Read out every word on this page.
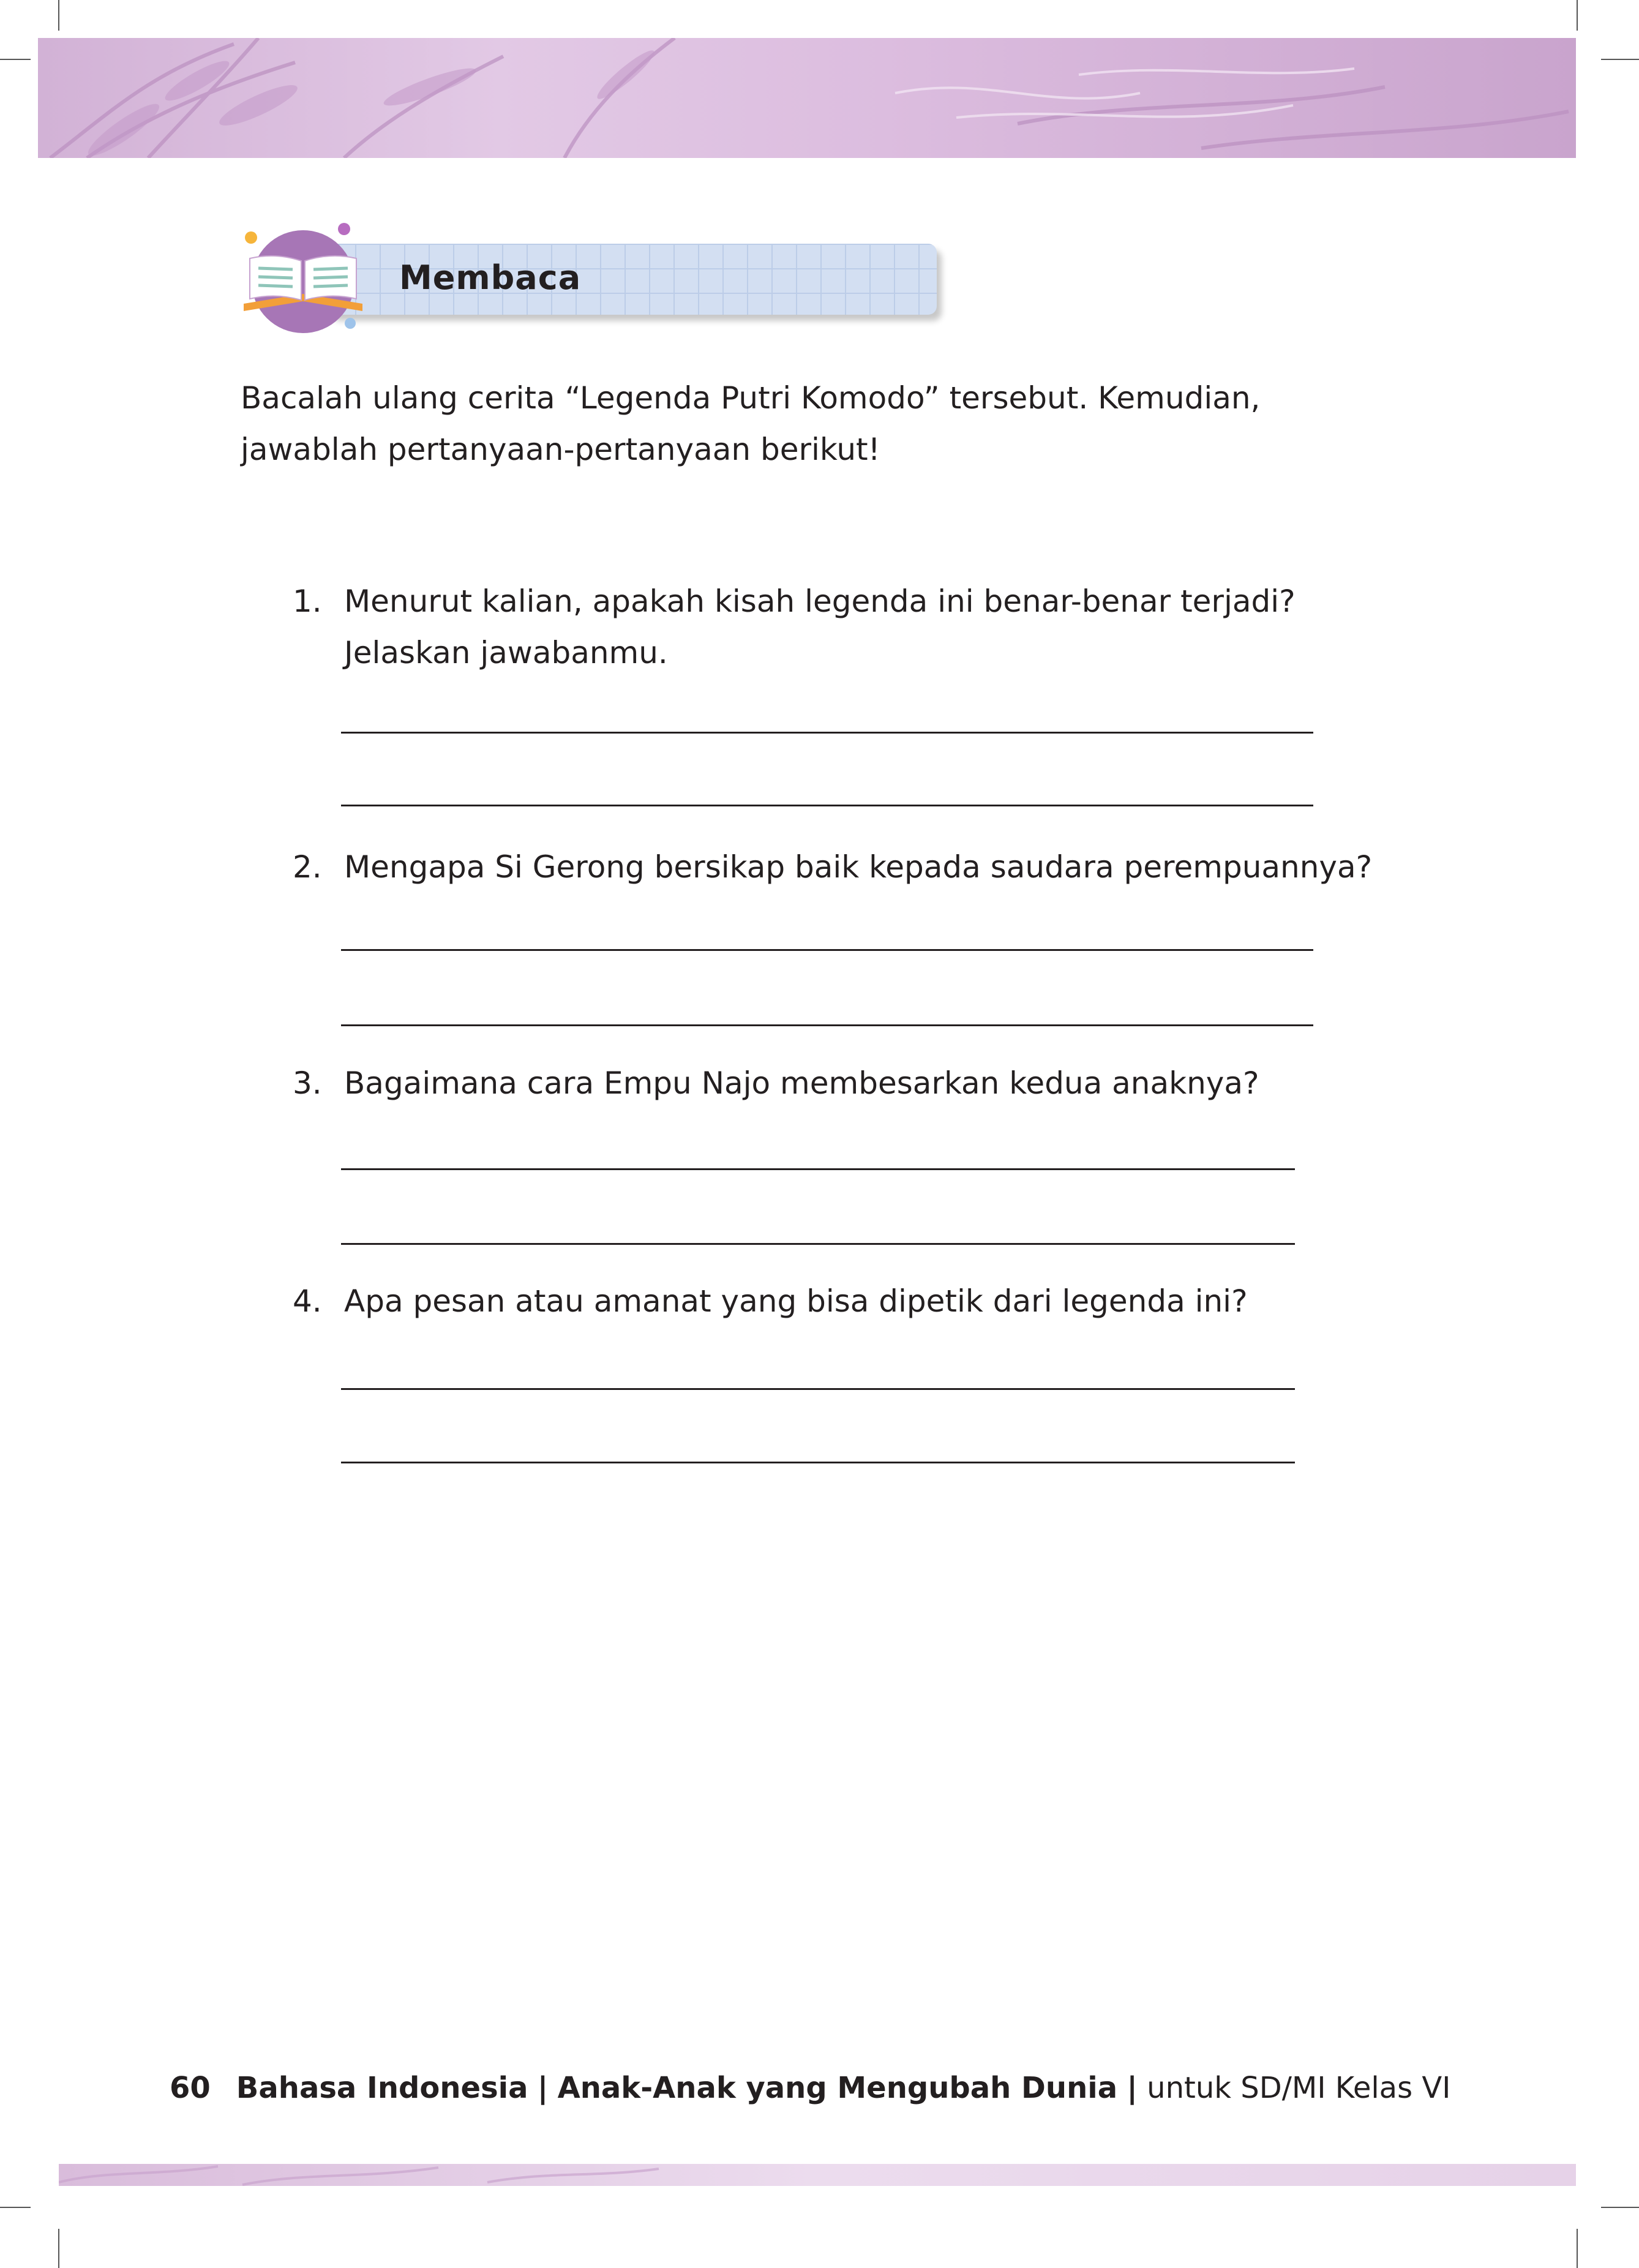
Membaca
Bacalah ulang cerita “Legenda Putri Komodo” tersebut. Kemudian, jawablah pertanyaan-pertanyaan berikut!
1. Menurut kalian, apakah kisah legenda ini benar-benar terjadi? Jelaskan jawabanmu.
2. Mengapa Si Gerong bersikap baik kepada saudara perempuannya?
3. Bagaimana cara Empu Najo membesarkan kedua anaknya?
4. Apa pesan atau amanat yang bisa dipetik dari legenda ini?
60 Bahasa Indonesia | Anak-Anak yang Mengubah Dunia | untuk SD/MI Kelas VI
